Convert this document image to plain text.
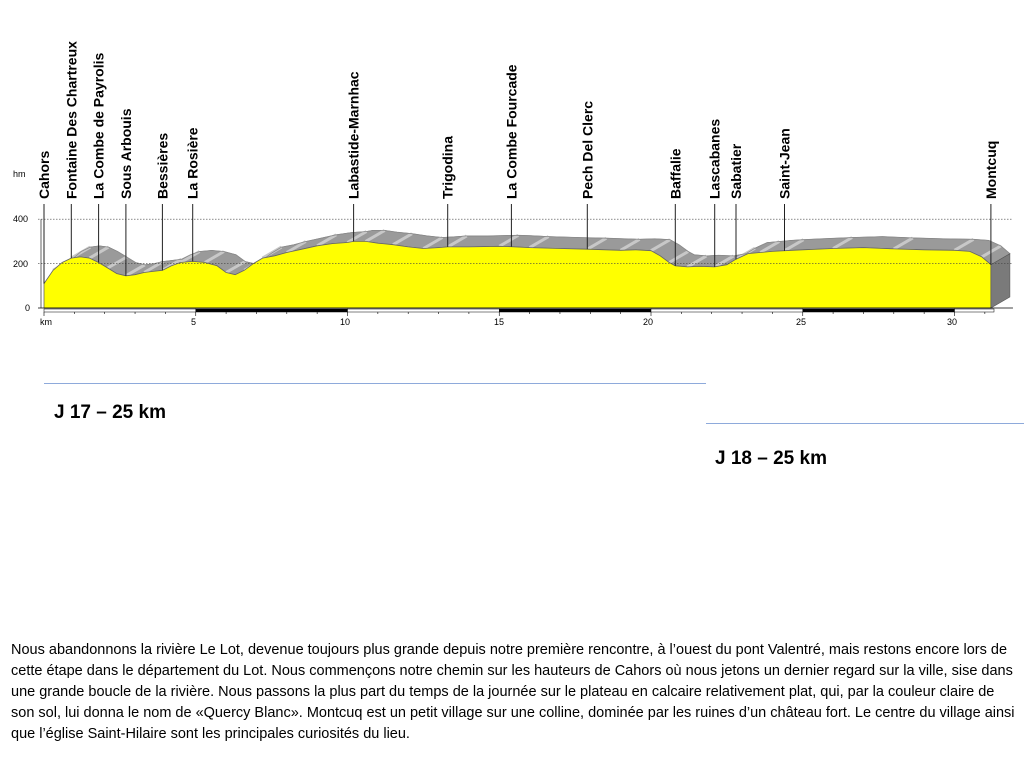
Cahors Fontaine Des Chartreux La Combe de Payrolis Sous Arbouis Bessières La Rosière	Labastide-Marnhac	Trigodina	La Combe Fourcade	Pech Del Clerc	Baffalie Lascabanes Sabatier Saint-Jean	Montcuq
hm
km
400
200
0
5	10	15	20	25	30
J 17 – 25 km
J 18 – 25 km

Nous abandonnons la rivière Le Lot, devenue toujours plus grande depuis notre première rencontre, à l’ouest du pont Valentré, mais restons encore lors de cette étape dans le département du Lot. Nous commençons notre chemin sur les hauteurs de Cahors où nous jetons un dernier regard sur la ville, sise dans une grande boucle de la rivière. Nous passons la plus part du temps de la journée sur le plateau en calcaire relativement plat, qui, par la couleur claire de son sol, lui donna le nom de «Quercy Blanc». Montcuq est un petit village sur une colline, dominée par les ruines d’un château fort. Le centre du village ainsi que l’église Saint-Hilaire sont les principales curiosités du lieu.
